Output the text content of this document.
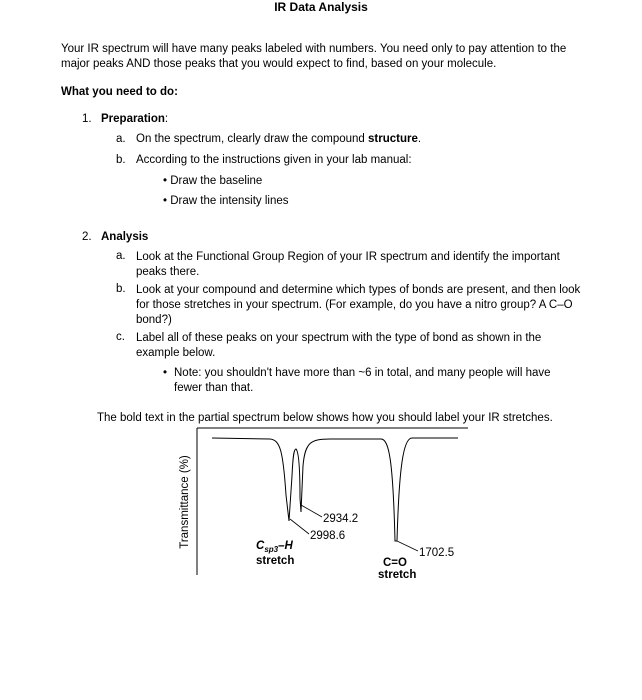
IR Data Analysis

Your IR spectrum will have many peaks labeled with numbers. You need only to pay attention to the major peaks AND those peaks that you would expect to find, based on your molecule.

What you need to do:
1. Preparation:
a. On the spectrum, clearly draw the compound structure.
b. According to the instructions given in your lab manual:
• Draw the baseline
• Draw the intensity lines
2. Analysis
a. Look at the Functional Group Region of your IR spectrum and identify the important peaks there.

b. Look at your compound and determine which types of bonds are present, and then look for those stretches in your spectrum. (For example, do you have a nitro group? A C–O bond?)

c. Label all of these peaks on your spectrum with the type of bond as shown in the example below.

• Note: you shouldn't have more than ~6 in total, and many people will have fewer than that.

The bold text in the partial spectrum below shows how you should label your IR stretches.
Transmittance (%)	2934.2
2998.6
1702.5
$C_{sp3}-H$
stretch	C=O
stretch
